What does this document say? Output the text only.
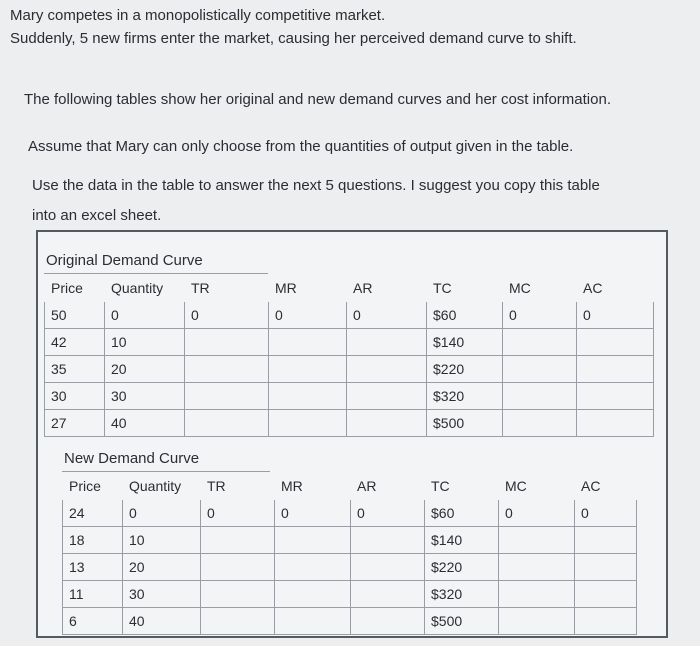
Mary competes in a monopolistically competitive market.
Suddenly, 5 new firms enter the market, causing her perceived demand curve to shift.
The following tables show her original and new demand curves and her cost information.
Assume that Mary can only choose from the quantities of output given in the table.
Use the data in the table to answer the next 5 questions. I suggest you copy this table
into an excel sheet.
Original Demand Curve
Price	Quantity	TR	MR	AR	TC	MC	AC
50	0	0	0	0	$60	0	0
42	10				$140		
35	20				$220		
30	30				$320		
27	40				$500		
New Demand Curve
Price	Quantity	TR	MR	AR	TC	MC	AC
24	0	0	0	0	$60	0	0
18	10				$140		
13	20				$220		
11	30				$320		
6	40				$500		
